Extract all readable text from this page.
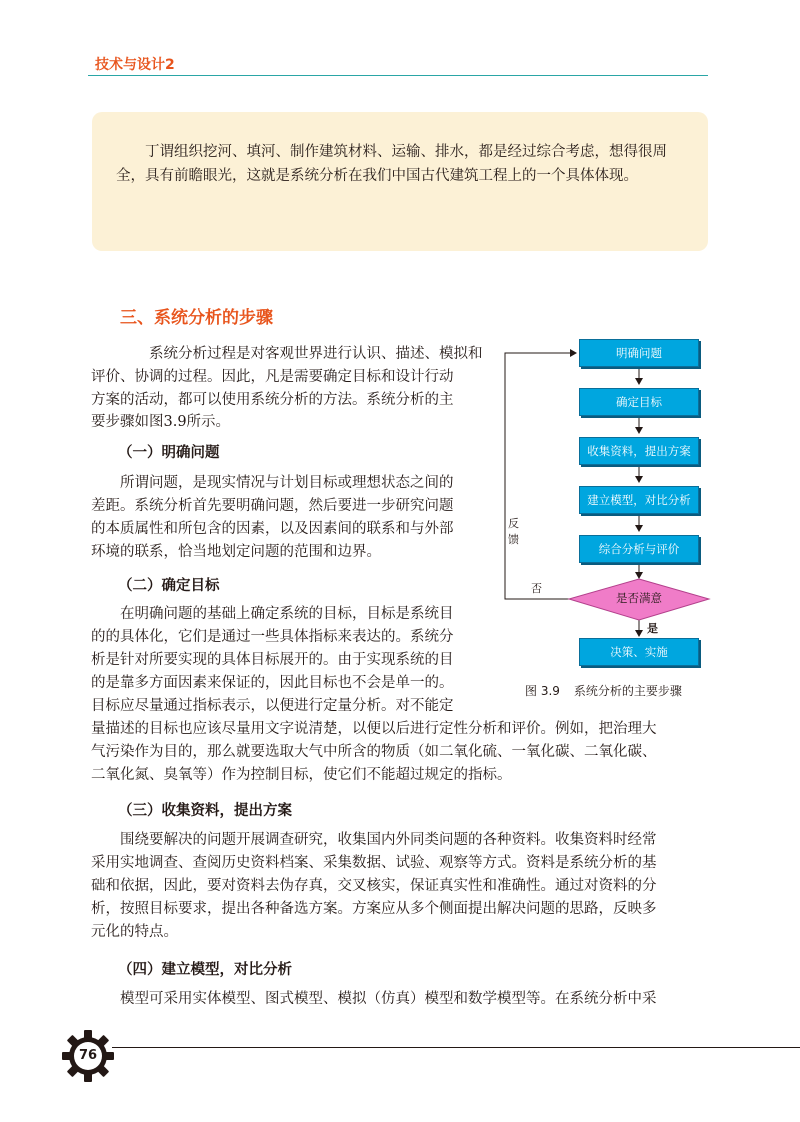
技术与设计2

丁谓组织挖河、填河、制作建筑材料、运输、排水，都是经过综合考虑，想得很周全，具有前瞻眼光，这就是系统分析在我们中国古代建筑工程上的一个具体体现。

三、系统分析的步骤
系统分析过程是对客观世界进行认识、描述、模拟和
评价、协调的过程。因此，凡是需要确定目标和设计行动
方案的活动，都可以使用系统分析的方法。系统分析的主
要步骤如图3.9所示。
（一）明确问题
所谓问题，是现实情况与计划目标或理想状态之间的
差距。系统分析首先要明确问题，然后要进一步研究问题
的本质属性和所包含的因素，以及因素间的联系和与外部
环境的联系，恰当地划定问题的范围和边界。
（二）确定目标
在明确问题的基础上确定系统的目标，目标是系统目
的的具体化，它们是通过一些具体指标来表达的。系统分
析是针对所要实现的具体目标展开的。由于实现系统的目
的是靠多方面因素来保证的，因此目标也不会是单一的。
目标应尽量通过指标表示，以便进行定量分析。对不能定
量描述的目标也应该尽量用文字说清楚，以便以后进行定性分析和评价。例如，把治理大
气污染作为目的，那么就要选取大气中所含的物质（如二氧化硫、一氧化碳、二氧化碳、
二氧化氮、臭氧等）作为控制目标，使它们不能超过规定的指标。
（三）收集资料，提出方案
围绕要解决的问题开展调查研究，收集国内外同类问题的各种资料。收集资料时经常
采用实地调查、查阅历史资料档案、采集数据、试验、观察等方式。资料是系统分析的基
础和依据，因此，要对资料去伪存真，交叉核实，保证真实性和准确性。通过对资料的分
析，按照目标要求，提出各种备选方案。方案应从多个侧面提出解决问题的思路，反映多
元化的特点。
（四）建立模型，对比分析
模型可采用实体模型、图式模型、模拟（仿真）模型和数学模型等。在系统分析中采
明确问题
确定目标
收集资料，提出方案
建立模型，对比分析
综合分析与评价
是否满意
决策、实施
是
否
反
馈
图 3.9 系统分析的主要步骤
76
